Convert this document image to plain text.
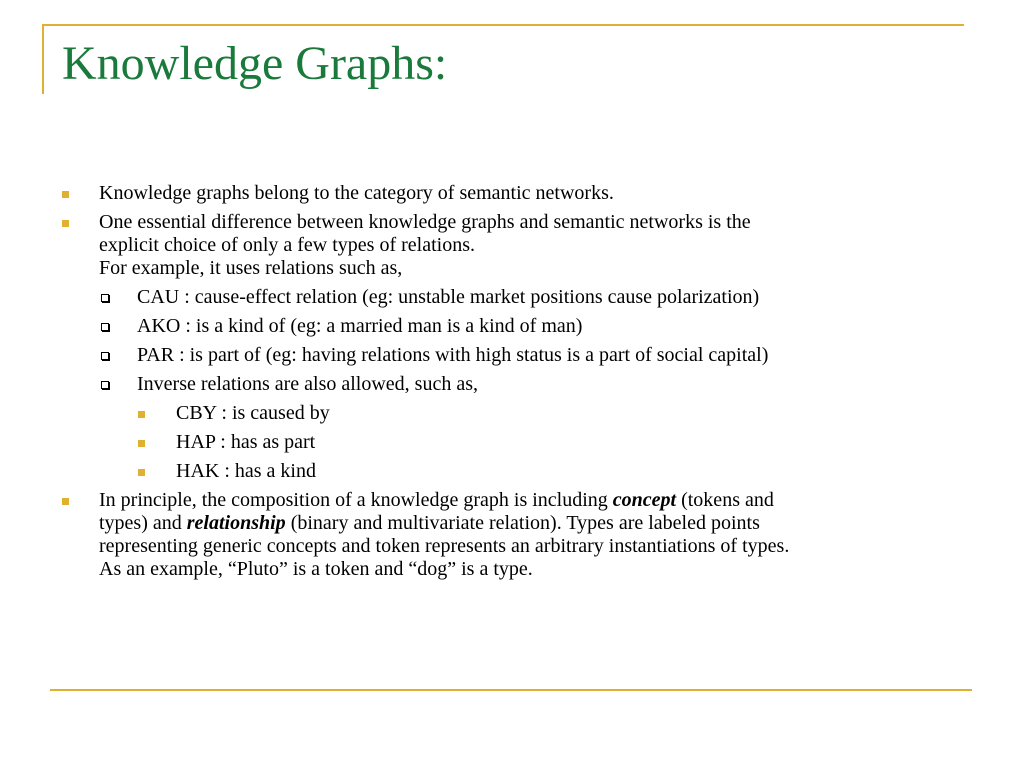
Knowledge Graphs:
Knowledge graphs belong to the category of semantic networks.
One essential difference between knowledge graphs and semantic networks is the
explicit choice of only a few types of relations.
For example, it uses relations such as,
CAU : cause-effect relation (eg: unstable market positions cause polarization)
AKO : is a kind of (eg: a married man is a kind of man)
PAR : is part of (eg: having relations with high status is a part of social capital)
Inverse relations are also allowed, such as,
CBY : is caused by
HAP : has as part
HAK : has a kind
In principle, the composition of a knowledge graph is including concept (tokens and
types) and relationship (binary and multivariate relation). Types are labeled points
representing generic concepts and token represents an arbitrary instantiations of types.
As an example, “Pluto” is a token and “dog” is a type.
